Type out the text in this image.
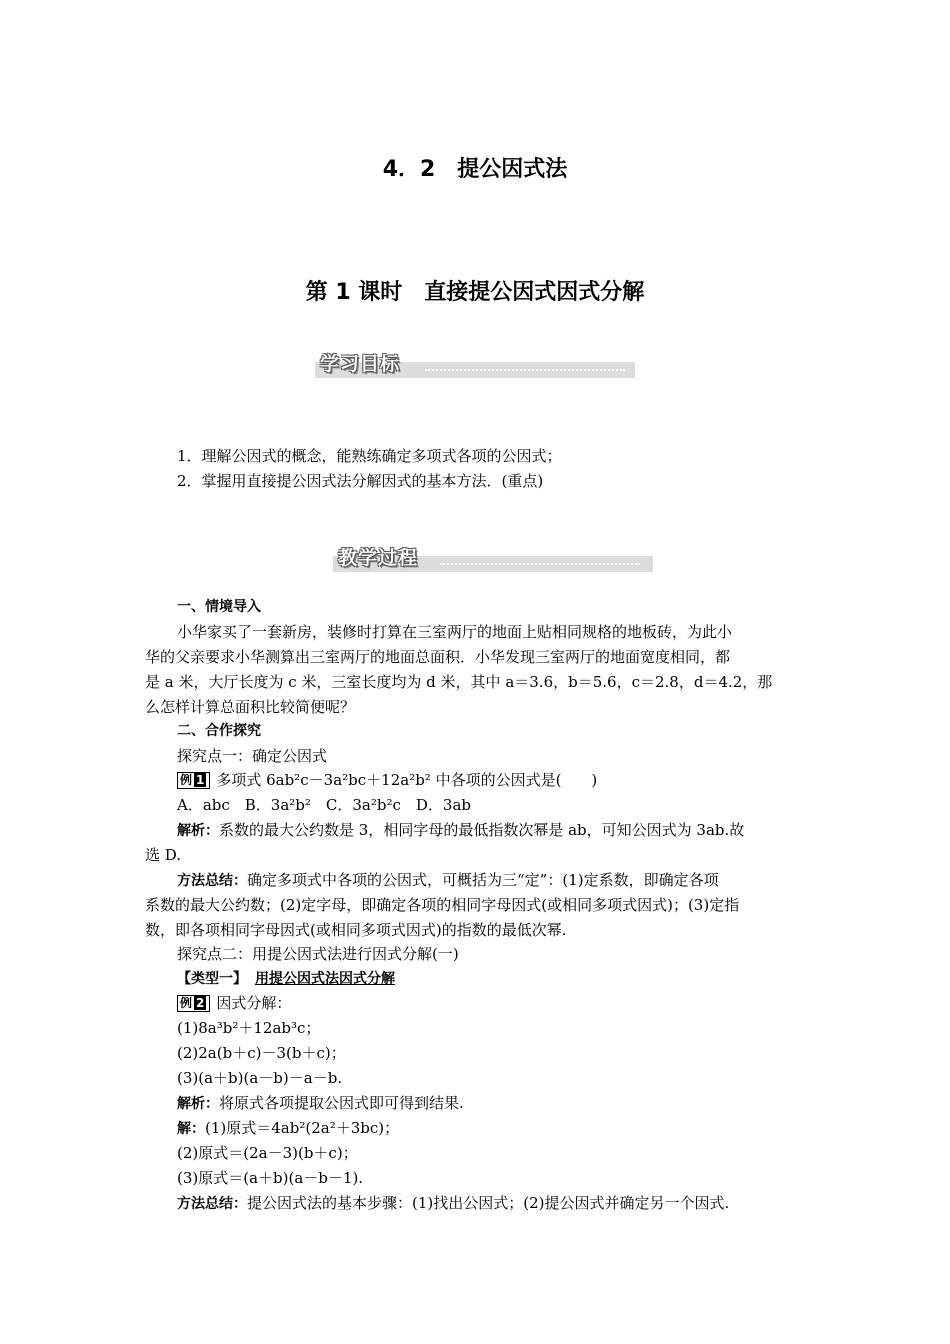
4．2　提公因式法
第 1 课时　直接提公因式因式分解
学习目标
1．理解公因式的概念，能熟练确定多项式各项的公因式；
2．掌握用直接提公因式法分解因式的基本方法．(重点)
教学过程
一、情境导入
小华家买了一套新房，装修时打算在三室两厅的地面上贴相同规格的地板砖，为此小
华的父亲要求小华测算出三室两厅的地面总面积．小华发现三室两厅的地面宽度相同，都
是 a 米，大厅长度为 c 米，三室长度均为 d 米，其中 a＝3.6，b＝5.6，c＝2.8，d＝4.2，那
么怎样计算总面积比较简便呢？
二、合作探究
探究点一：确定公因式
例 1 多项式 6ab²c－3a²bc＋12a²b² 中各项的公因式是(　　)
A．abc　B．3a²b²　C．3a²b²c　D．3ab
解析：系数的最大公约数是 3，相同字母的最低指数次幂是 ab，可知公因式为 3ab.故
选 D.
方法总结：确定多项式中各项的公因式，可概括为三“定”：(1)定系数，即确定各项
系数的最大公约数；(2)定字母，即确定各项的相同字母因式(或相同多项式因式)；(3)定指
数，即各项相同字母因式(或相同多项式因式)的指数的最低次幂.
探究点二：用提公因式法进行因式分解(一)
【类型一】 用提公因式法因式分解
例 2 因式分解：
(1)8a³b²＋12ab³c；
(2)2a(b＋c)－3(b＋c)；
(3)(a＋b)(a－b)－a－b.
解析：将原式各项提取公因式即可得到结果.
解：(1)原式＝4ab²(2a²＋3bc)；
(2)原式＝(2a－3)(b＋c)；
(3)原式＝(a＋b)(a－b－1).
方法总结：提公因式法的基本步骤：(1)找出公因式；(2)提公因式并确定另一个因式.
